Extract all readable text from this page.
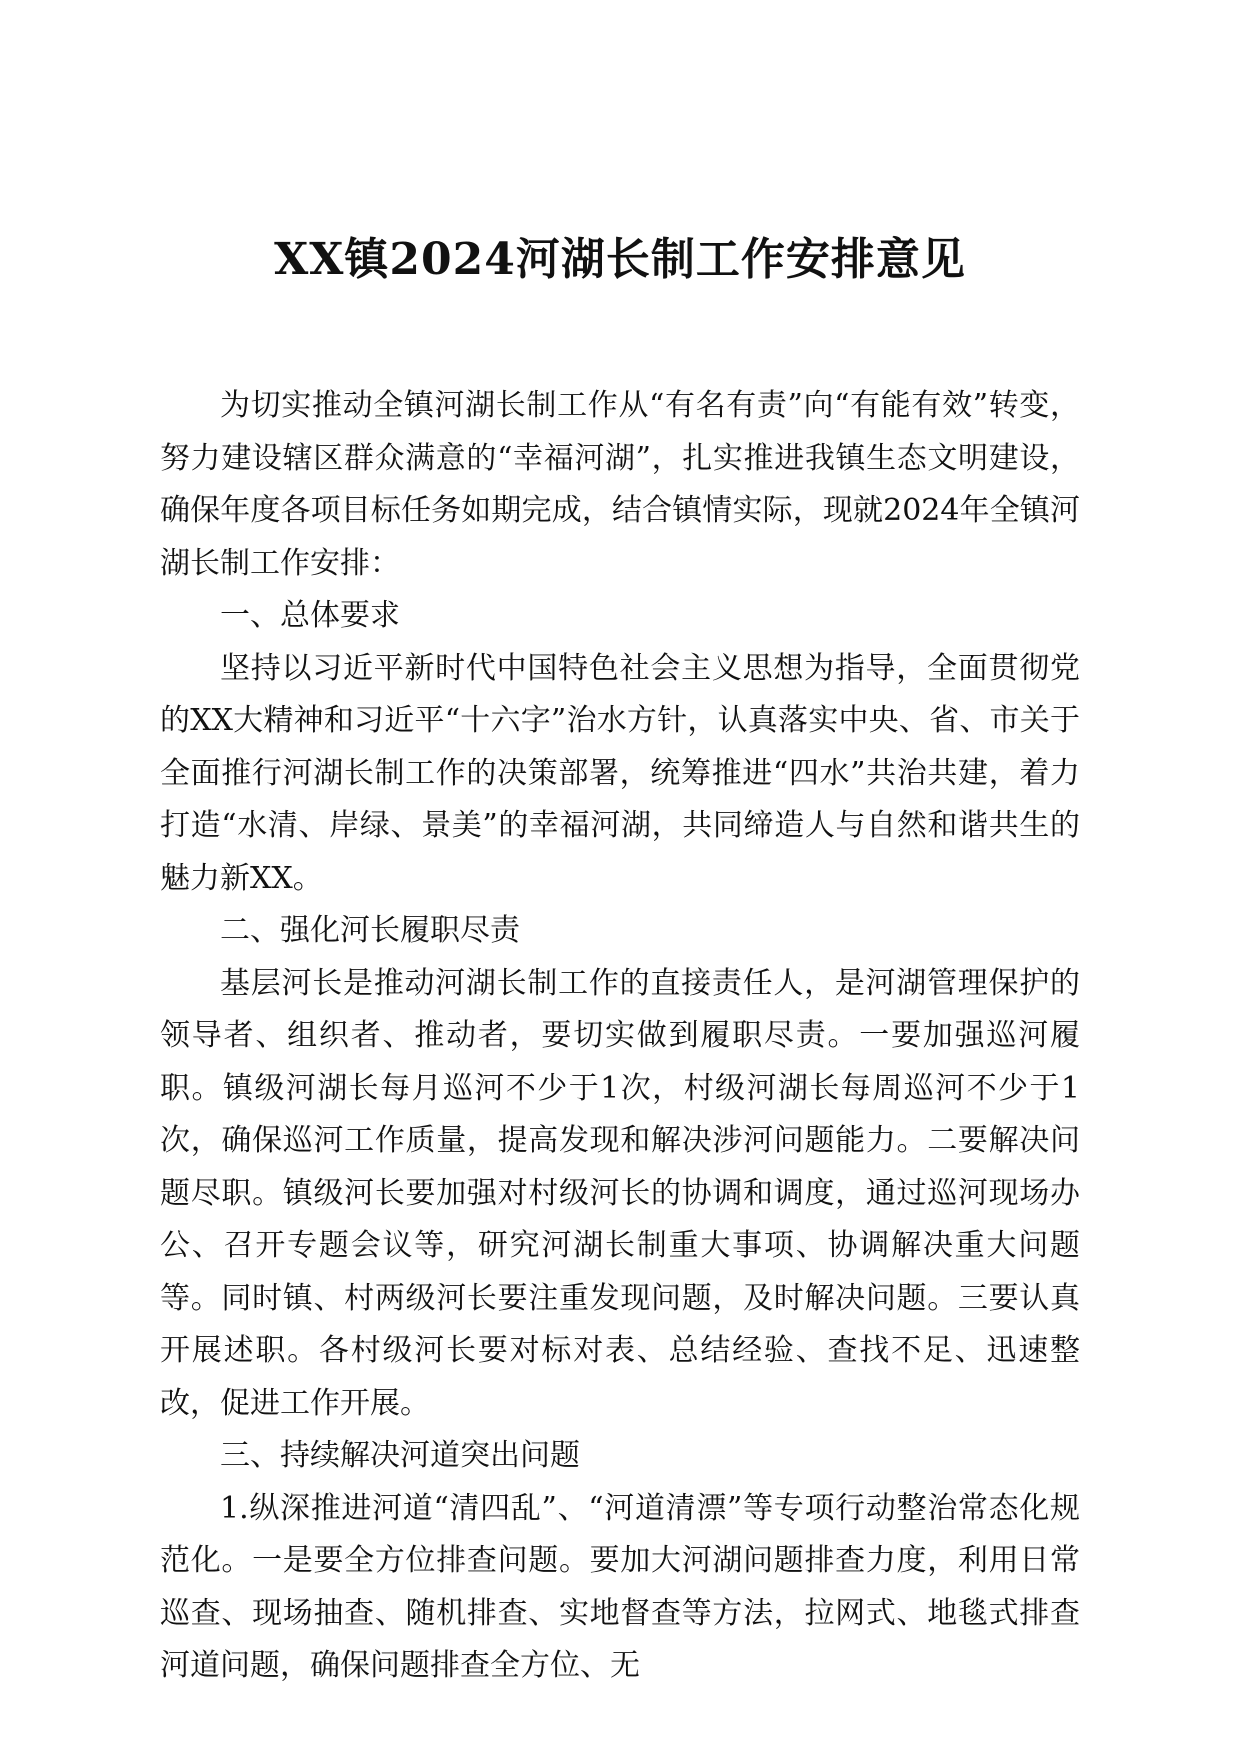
XX镇2024河湖长制工作安排意见

为切实推动全镇河湖长制工作从“有名有责”向“有能有效”转变，努力建设辖区群众满意的“幸福河湖”，扎实推进我镇生态文明建设，确保年度各项目标任务如期完成，结合镇情实际，现就2024年全镇河湖长制工作安排：

一、总体要求

坚持以习近平新时代中国特色社会主义思想为指导，全面贯彻党的XX大精神和习近平“十六字”治水方针，认真落实中央、省、市关于全面推行河湖长制工作的决策部署，统筹推进“四水”共治共建，着力打造“水清、岸绿、景美”的幸福河湖，共同缔造人与自然和谐共生的魅力新XX。

二、强化河长履职尽责

基层河长是推动河湖长制工作的直接责任人，是河湖管理保护的领导者、组织者、推动者，要切实做到履职尽责。一要加强巡河履职。镇级河湖长每月巡河不少于1次，村级河湖长每周巡河不少于1次，确保巡河工作质量，提高发现和解决涉河问题能力。二要解决问题尽职。镇级河长要加强对村级河长的协调和调度，通过巡河现场办公、召开专题会议等，研究河湖长制重大事项、协调解决重大问题等。同时镇、村两级河长要注重发现问题，及时解决问题。三要认真开展述职。各村级河长要对标对表、总结经验、查找不足、迅速整改，促进工作开展。

三、持续解决河道突出问题

1.纵深推进河道“清四乱”、“河道清漂”等专项行动整治常态化规范化。一是要全方位排查问题。要加大河湖问题排查力度，利用日常巡查、现场抽查、随机排查、实地督查等方法，拉网式、地毯式排查河道问题，确保问题排查全方位、无
